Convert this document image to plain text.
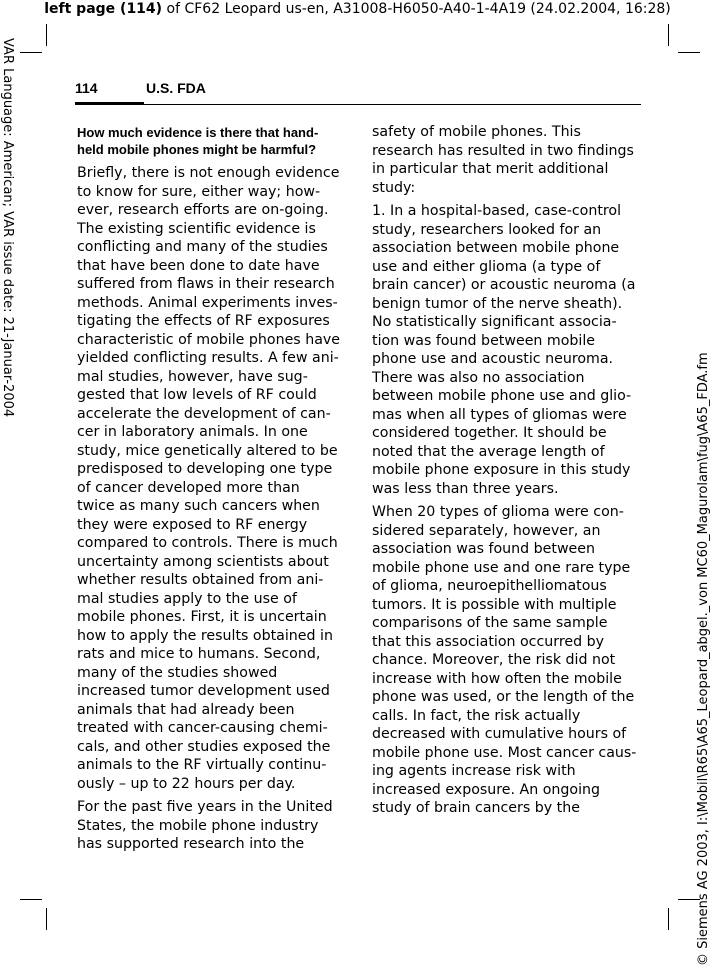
left page (114) of CF62 Leopard us-en, A31008-H6050-A40-1-4A19 (24.02.2004, 16:28)
VAR Language: American; VAR issue date: 21-Januar-2004
© Siemens AG 2003, I:\Mobil\R65\A65_Leopard_abgel._von MC60_Magurolam\fug\A65_FDA.fm
114	U.S. FDA
How much evidence is there that hand-
held mobile phones might be harmful?

Briefly, there is not enough evidence
to know for sure, either way; how-
ever, research efforts are on-going.
The existing scientific evidence is
conflicting and many of the studies
that have been done to date have
suffered from flaws in their research
methods. Animal experiments inves-
tigating the effects of RF exposures
characteristic of mobile phones have
yielded conflicting results. A few ani-
mal studies, however, have sug-
gested that low levels of RF could
accelerate the development of can-
cer in laboratory animals. In one
study, mice genetically altered to be
predisposed to developing one type
of cancer developed more than
twice as many such cancers when
they were exposed to RF energy
compared to controls. There is much
uncertainty among scientists about
whether results obtained from ani-
mal studies apply to the use of
mobile phones. First, it is uncertain
how to apply the results obtained in
rats and mice to humans. Second,
many of the studies showed
increased tumor development used
animals that had already been
treated with cancer-causing chemi-
cals, and other studies exposed the
animals to the RF virtually continu-
ously – up to 22 hours per day.

For the past five years in the United
States, the mobile phone industry
has supported research into the

safety of mobile phones. This
research has resulted in two findings
in particular that merit additional
study:

1. In a hospital-based, case-control
study, researchers looked for an
association between mobile phone
use and either glioma (a type of
brain cancer) or acoustic neuroma (a
benign tumor of the nerve sheath).
No statistically significant associa-
tion was found between mobile
phone use and acoustic neuroma.
There was also no association
between mobile phone use and glio-
mas when all types of gliomas were
considered together. It should be
noted that the average length of
mobile phone exposure in this study
was less than three years.

When 20 types of glioma were con-
sidered separately, however, an
association was found between
mobile phone use and one rare type
of glioma, neuroepithelliomatous
tumors. It is possible with multiple
comparisons of the same sample
that this association occurred by
chance. Moreover, the risk did not
increase with how often the mobile
phone was used, or the length of the
calls. In fact, the risk actually
decreased with cumulative hours of
mobile phone use. Most cancer caus-
ing agents increase risk with
increased exposure. An ongoing
study of brain cancers by the
